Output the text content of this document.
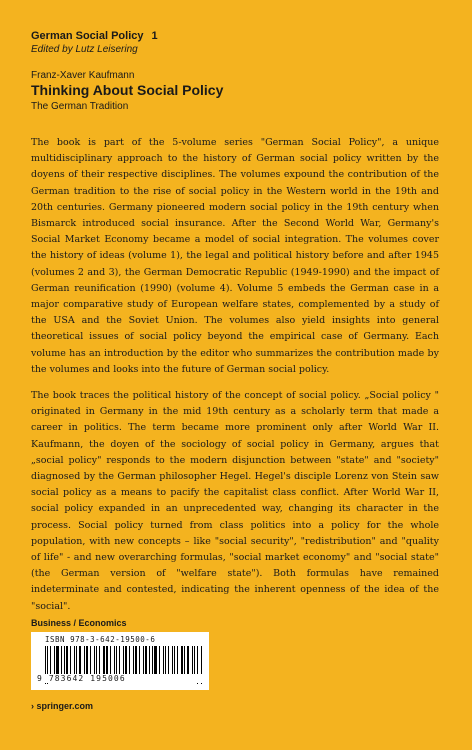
German Social Policy 1
Edited by Lutz Leisering
Franz-Xaver Kaufmann
Thinking About Social Policy
The German Tradition

The book is part of the 5-volume series "German Social Policy", a unique multidisciplinary approach to the history of German social policy written by the doyens of their respective disciplines. The volumes expound the contribution of the German tradition to the rise of social policy in the Western world in the 19th and 20th centuries. Germany pioneered modern social policy in the 19th century when Bismarck introduced social insurance. After the Second World War, Germany's Social Market Economy became a model of social integration. The volumes cover the history of ideas (volume 1), the legal and political history before and after 1945 (volumes 2 and 3), the German Democratic Republic (1949-1990) and the impact of German reunification (1990) (volume 4). Volume 5 embeds the German case in a major comparative study of European welfare states, complemented by a study of the USA and the Soviet Union. The volumes also yield insights into general theoretical issues of social policy beyond the empirical case of Germany. Each volume has an introduction by the editor who summarizes the contribution made by the volumes and looks into the future of German social policy.

The book traces the political history of the concept of social policy. „Social policy " originated in Germany in the mid 19th century as a scholarly term that made a career in politics. The term became more prominent only after World War II. Kaufmann, the doyen of the sociology of social policy in Germany, argues that „social policy" responds to the modern disjunction between "state" and "society" diagnosed by the German philosopher Hegel. Hegel's disciple Lorenz von Stein saw social policy as a means to pacify the capitalist class conflict. After World War II, social policy expanded in an unprecedented way, changing its character in the process. Social policy turned from class politics into a policy for the whole population, with new concepts – like "social security", "redistribution" and "quality of life" - and new overarching formulas, "social market economy" and "social state" (the German version of "welfare state"). Both formulas have remained indeterminate and contested, indicating the inherent openness of the idea of the "social".

Business / Economics
ISBN 978-3-642-19500-6
9 783642 195006
› springer.com
